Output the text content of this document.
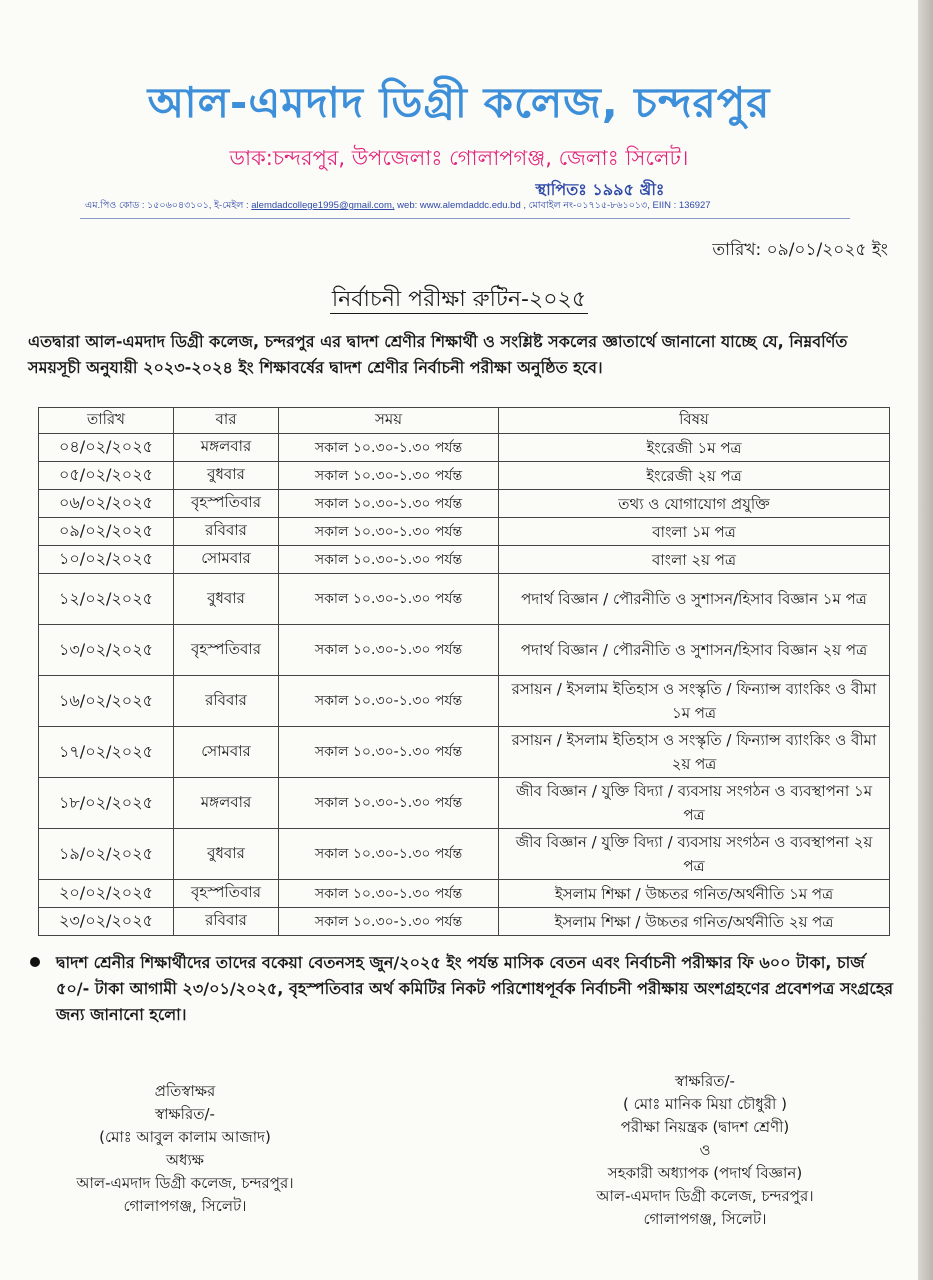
আল-এমদাদ ডিগ্রী কলেজ, চন্দরপুর
ডাক:চন্দরপুর, উপজেলাঃ গোলাপগঞ্জ, জেলাঃ সিলেট।
স্থাপিতঃ ১৯৯৫ খ্রীঃ
এম.পিও কোড : ১৫০৬০৪৩১০১, ই-মেইল : alemdadcollege1995@gmail.com, web: www.alemdaddc.edu.bd , মোবাইল নং-০১৭১৫-৮৬১০১৩, EIIN : 136927
তারিখ: ০৯/০১/২০২৫ ইং
নির্বাচনী পরীক্ষা রুটিন-২০২৫
এতদ্বারা আল-এমদাদ ডিগ্রী কলেজ, চন্দরপুর এর দ্বাদশ শ্রেণীর শিক্ষার্থী ও সংশ্লিষ্ট সকলের জ্ঞাতার্থে জানানো যাচ্ছে যে, নিম্নবর্ণিত সময়সূচী অনুযায়ী ২০২৩-২০২৪ ইং শিক্ষাবর্ষের দ্বাদশ শ্রেণীর নির্বাচনী পরীক্ষা অনুষ্ঠিত হবে।
তারিখ	বার	সময়	বিষয়
০৪/০২/২০২৫	মঙ্গলবার	সকাল ১০.৩০-১.৩০ পর্যন্ত	ইংরেজী ১ম পত্র
০৫/০২/২০২৫	বুধবার	সকাল ১০.৩০-১.৩০ পর্যন্ত	ইংরেজী ২য় পত্র
০৬/০২/২০২৫	বৃহস্পতিবার	সকাল ১০.৩০-১.৩০ পর্যন্ত	তথ্য ও যোগাযোগ প্রযুক্তি
০৯/০২/২০২৫	রবিবার	সকাল ১০.৩০-১.৩০ পর্যন্ত	বাংলা ১ম পত্র
১০/০২/২০২৫	সোমবার	সকাল ১০.৩০-১.৩০ পর্যন্ত	বাংলা ২য় পত্র
১২/০২/২০২৫	বুধবার	সকাল ১০.৩০-১.৩০ পর্যন্ত	পদার্থ বিজ্ঞান / পৌরনীতি ও সুশাসন/হিসাব বিজ্ঞান ১ম পত্র
১৩/০২/২০২৫	বৃহস্পতিবার	সকাল ১০.৩০-১.৩০ পর্যন্ত	পদার্থ বিজ্ঞান / পৌরনীতি ও সুশাসন/হিসাব বিজ্ঞান ২য় পত্র
১৬/০২/২০২৫	রবিবার	সকাল ১০.৩০-১.৩০ পর্যন্ত	রসায়ন / ইসলাম ইতিহাস ও সংস্কৃতি / ফিন্যান্স ব্যাংকিং ও বীমা ১ম পত্র
১৭/০২/২০২৫	সোমবার	সকাল ১০.৩০-১.৩০ পর্যন্ত	রসায়ন / ইসলাম ইতিহাস ও সংস্কৃতি / ফিন্যান্স ব্যাংকিং ও বীমা ২য় পত্র
১৮/০২/২০২৫	মঙ্গলবার	সকাল ১০.৩০-১.৩০ পর্যন্ত	জীব বিজ্ঞান / যুক্তি বিদ্যা / ব্যবসায় সংগঠন ও ব্যবস্থাপনা ১ম পত্র
১৯/০২/২০২৫	বুধবার	সকাল ১০.৩০-১.৩০ পর্যন্ত	জীব বিজ্ঞান / যুক্তি বিদ্যা / ব্যবসায় সংগঠন ও ব্যবস্থাপনা ২য় পত্র
২০/০২/২০২৫	বৃহস্পতিবার	সকাল ১০.৩০-১.৩০ পর্যন্ত	ইসলাম শিক্ষা / উচ্চতর গনিত/অর্থনীতি ১ম পত্র
২৩/০২/২০২৫	রবিবার	সকাল ১০.৩০-১.৩০ পর্যন্ত	ইসলাম শিক্ষা / উচ্চতর গনিত/অর্থনীতি ২য় পত্র
দ্বাদশ শ্রেনীর শিক্ষার্থীদের তাদের বকেয়া বেতনসহ জুন/২০২৫ ইং পর্যন্ত মাসিক বেতন এবং নির্বাচনী পরীক্ষার ফি ৬০০ টাকা, চার্জ ৫০/- টাকা আগামী ২৩/০১/২০২৫, বৃহস্পতিবার অর্থ কমিটির নিকট পরিশোধপূর্বক নির্বাচনী পরীক্ষায় অংশগ্রহণের প্রবেশপত্র সংগ্রহের জন্য জানানো হলো।
প্রতিস্বাক্ষর
স্বাক্ষরিত/-
(মোঃ আবুল কালাম আজাদ)
অধ্যক্ষ
আল-এমদাদ ডিগ্রী কলেজ, চন্দরপুর।
গোলাপগঞ্জ, সিলেট।
স্বাক্ষরিত/-
( মোঃ মানিক মিয়া চৌধুরী )
পরীক্ষা নিয়ন্ত্রক (দ্বাদশ শ্রেণী)
ও
সহকারী অধ্যাপক (পদার্থ বিজ্ঞান)
আল-এমদাদ ডিগ্রী কলেজ, চন্দরপুর।
গোলাপগঞ্জ, সিলেট।
